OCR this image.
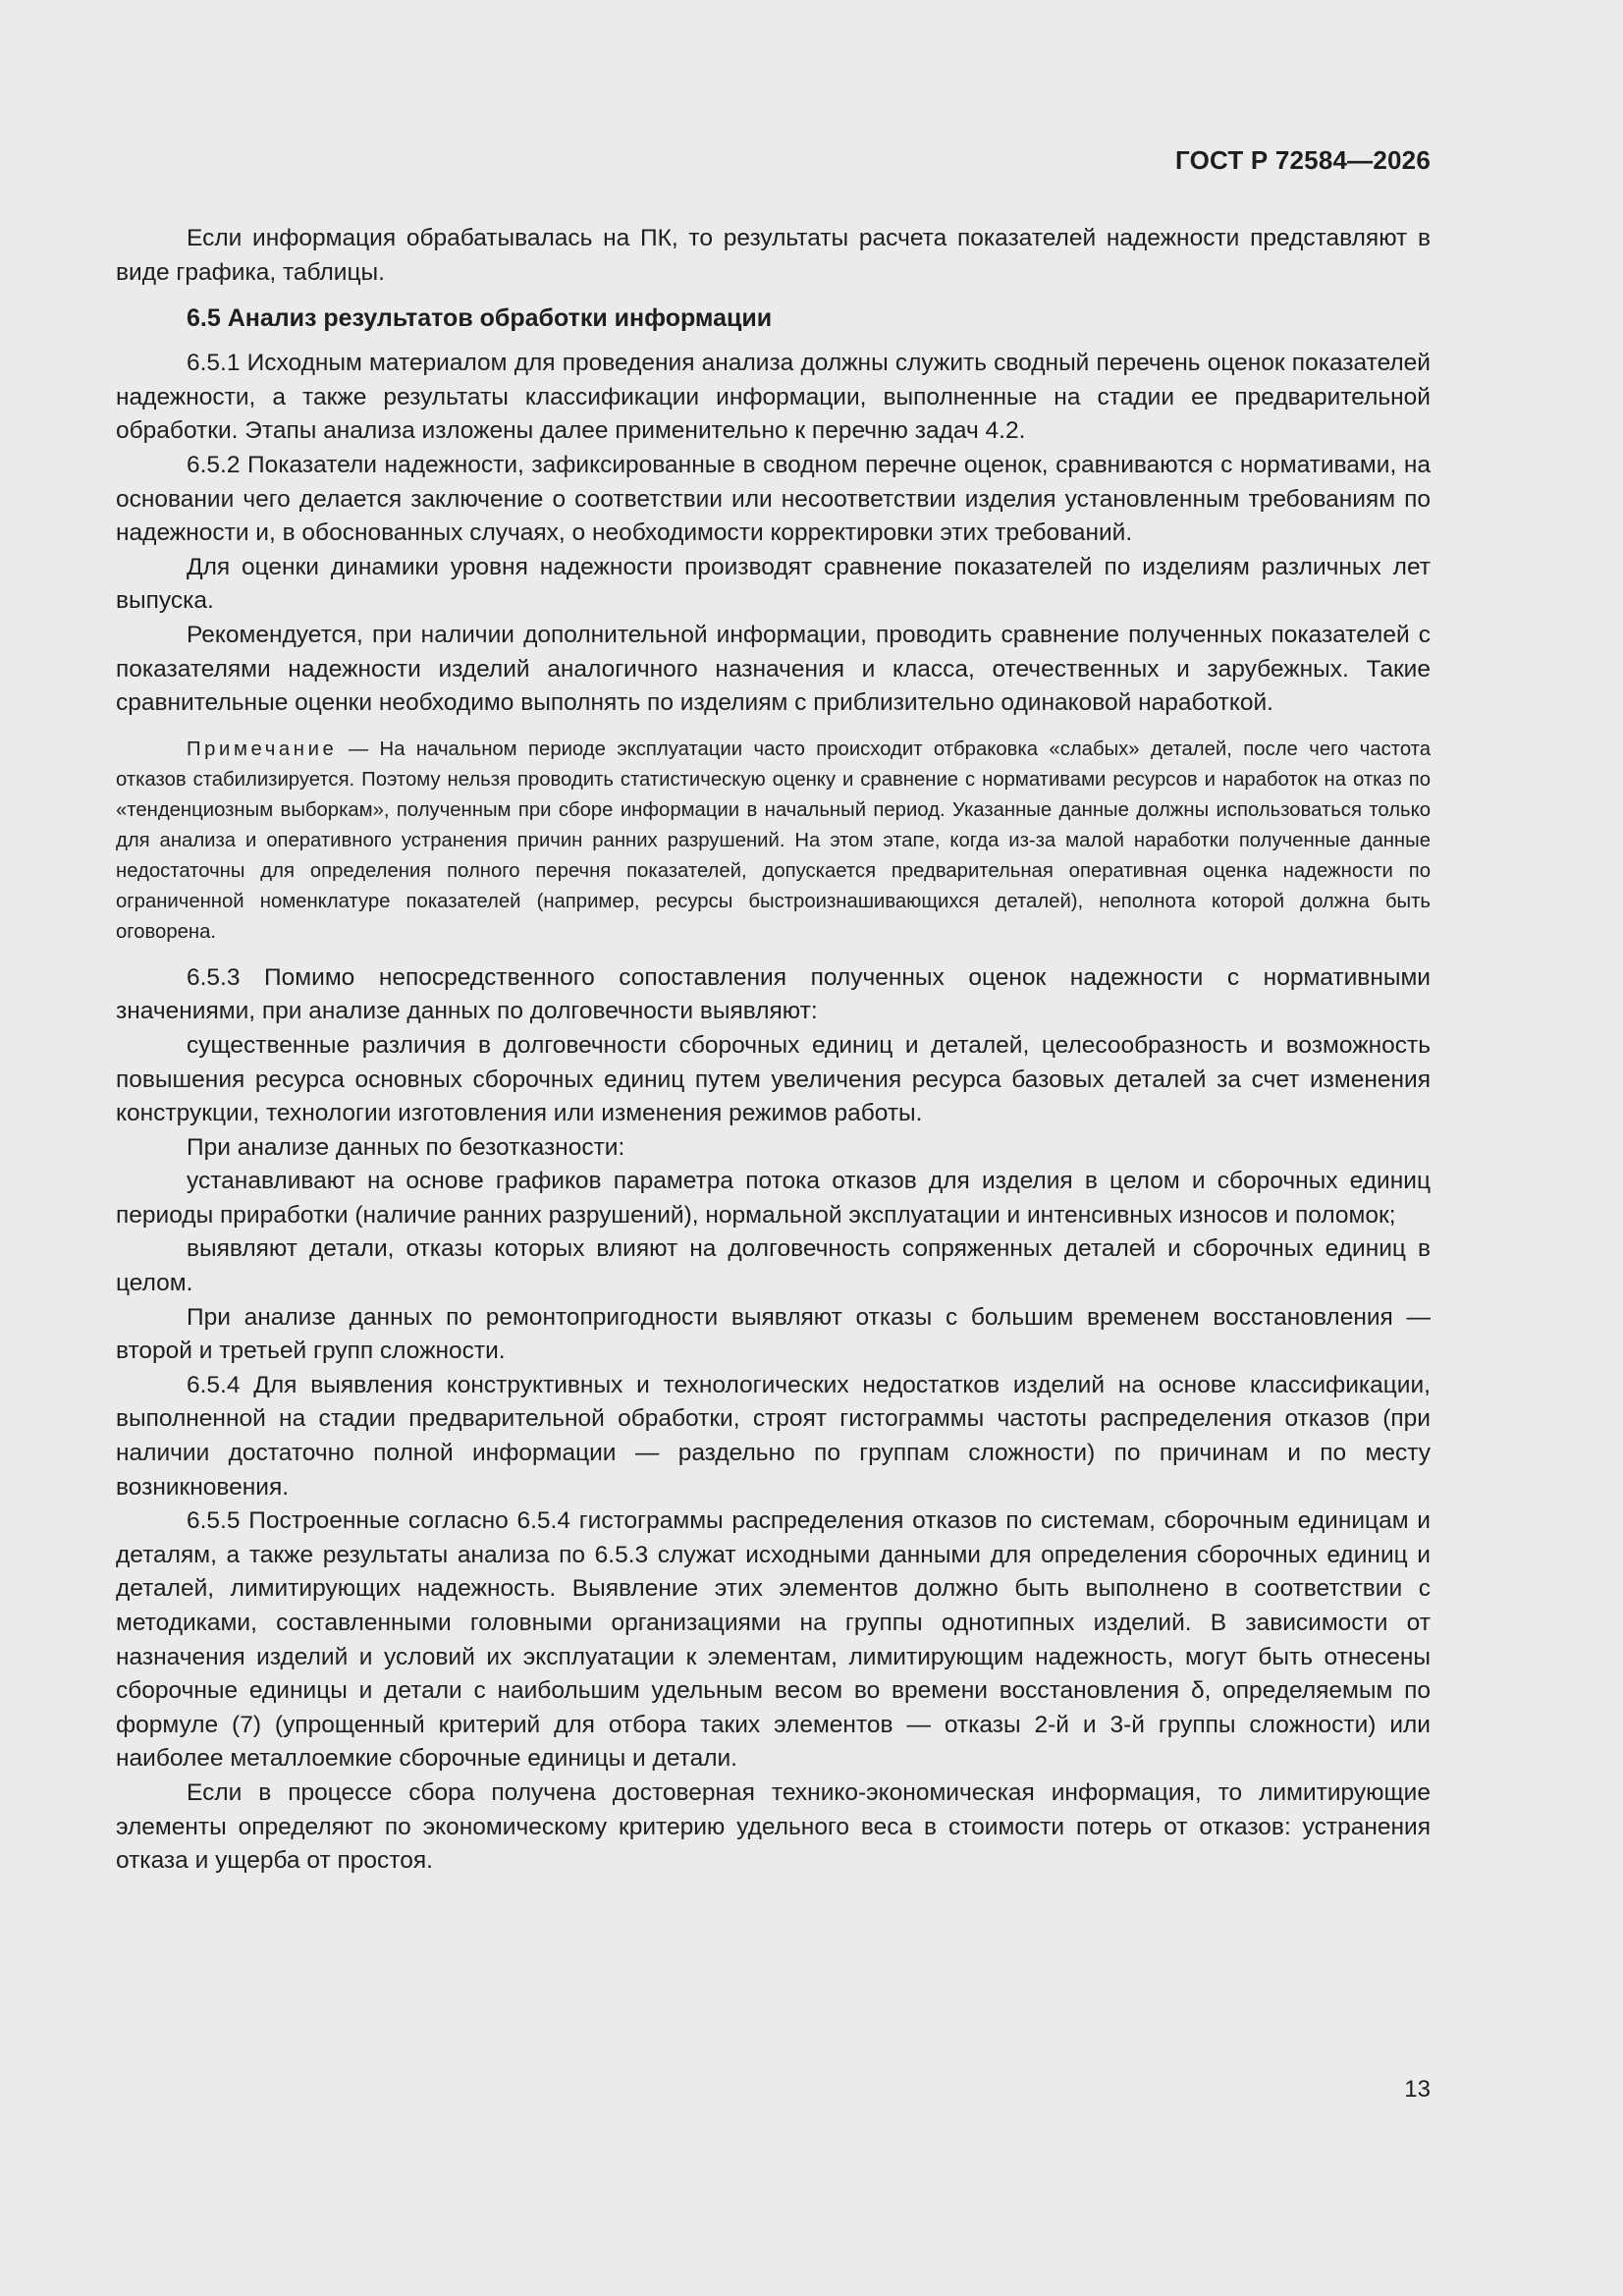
ГОСТ Р 72584—2026

Если информация обрабатывалась на ПК, то результаты расчета показателей надежности представляют в виде графика, таблицы.

6.5 Анализ результатов обработки информации

6.5.1 Исходным материалом для проведения анализа должны служить сводный перечень оценок показателей надежности, а также результаты классификации информации, выполненные на стадии ее предварительной обработки. Этапы анализа изложены далее применительно к перечню задач 4.2.

6.5.2 Показатели надежности, зафиксированные в сводном перечне оценок, сравниваются с нормативами, на основании чего делается заключение о соответствии или несоответствии изделия установленным требованиям по надежности и, в обоснованных случаях, о необходимости корректировки этих требований.

Для оценки динамики уровня надежности производят сравнение показателей по изделиям различных лет выпуска.

Рекомендуется, при наличии дополнительной информации, проводить сравнение полученных показателей с показателями надежности изделий аналогичного назначения и класса, отечественных и зарубежных. Такие сравнительные оценки необходимо выполнять по изделиям с приблизительно одинаковой наработкой.

Примечание — На начальном периоде эксплуатации часто происходит отбраковка «слабых» деталей, после чего частота отказов стабилизируется. Поэтому нельзя проводить статистическую оценку и сравнение с нормативами ресурсов и наработок на отказ по «тенденциозным выборкам», полученным при сборе информации в начальный период. Указанные данные должны использоваться только для анализа и оперативного устранения причин ранних разрушений. На этом этапе, когда из-за малой наработки полученные данные недостаточны для определения полного перечня показателей, допускается предварительная оперативная оценка надежности по ограниченной номенклатуре показателей (например, ресурсы быстроизнашивающихся деталей), неполнота которой должна быть оговорена.

6.5.3 Помимо непосредственного сопоставления полученных оценок надежности с нормативными значениями, при анализе данных по долговечности выявляют:

существенные различия в долговечности сборочных единиц и деталей, целесообразность и возможность повышения ресурса основных сборочных единиц путем увеличения ресурса базовых деталей за счет изменения конструкции, технологии изготовления или изменения режимов работы.

При анализе данных по безотказности:

устанавливают на основе графиков параметра потока отказов для изделия в целом и сборочных единиц периоды приработки (наличие ранних разрушений), нормальной эксплуатации и интенсивных износов и поломок;

выявляют детали, отказы которых влияют на долговечность сопряженных деталей и сборочных единиц в целом.

При анализе данных по ремонтопригодности выявляют отказы с большим временем восстановления — второй и третьей групп сложности.

6.5.4 Для выявления конструктивных и технологических недостатков изделий на основе классификации, выполненной на стадии предварительной обработки, строят гистограммы частоты распределения отказов (при наличии достаточно полной информации — раздельно по группам сложности) по причинам и по месту возникновения.

6.5.5 Построенные согласно 6.5.4 гистограммы распределения отказов по системам, сборочным единицам и деталям, а также результаты анализа по 6.5.3 служат исходными данными для определения сборочных единиц и деталей, лимитирующих надежность. Выявление этих элементов должно быть выполнено в соответствии с методиками, составленными головными организациями на группы однотипных изделий. В зависимости от назначения изделий и условий их эксплуатации к элементам, лимитирующим надежность, могут быть отнесены сборочные единицы и детали с наибольшим удельным весом во времени восстановления δ, определяемым по формуле (7) (упрощенный критерий для отбора таких элементов — отказы 2-й и 3-й группы сложности) или наиболее металлоемкие сборочные единицы и детали.

Если в процессе сбора получена достоверная технико-экономическая информация, то лимитирующие элементы определяют по экономическому критерию удельного веса в стоимости потерь от отказов: устранения отказа и ущерба от простоя.

13
